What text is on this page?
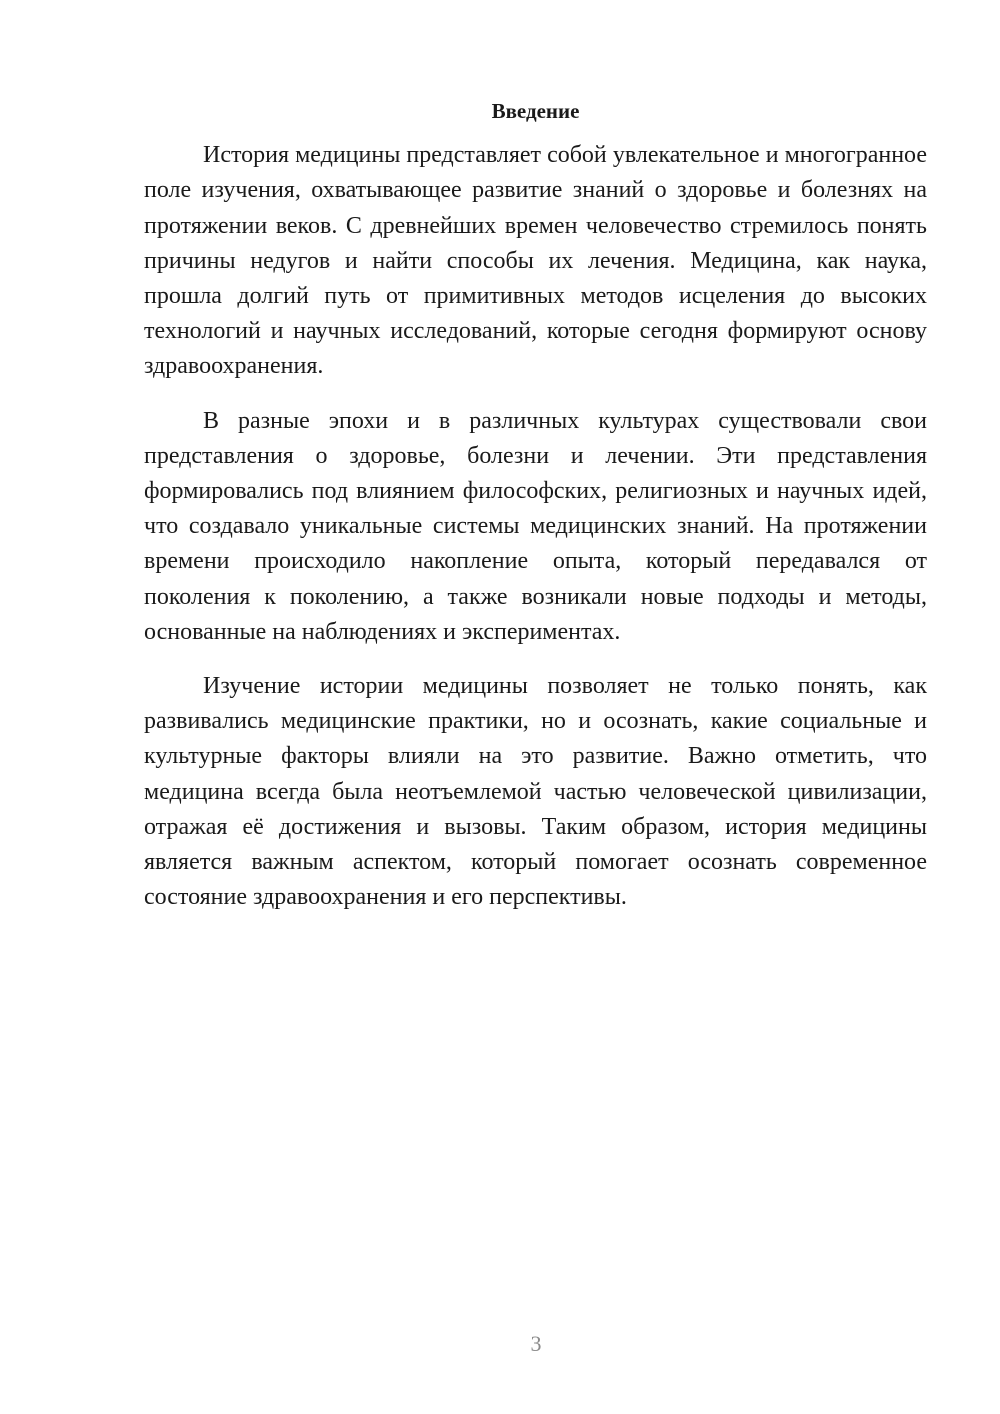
Введение

История медицины представляет собой увлекательное и многогранное поле изучения, охватывающее развитие знаний о здоровье и болезнях на протяжении веков. С древнейших времен человечество стремилось понять причины недугов и найти способы их лечения. Медицина, как наука, прошла долгий путь от примитивных методов исцеления до высоких технологий и научных исследований, которые сегодня формируют основу здравоохранения.

В разные эпохи и в различных культурах существовали свои представления о здоровье, болезни и лечении. Эти представления формировались под влиянием философских, религиозных и научных идей, что создавало уникальные системы медицинских знаний. На протяжении времени происходило накопление опыта, который передавался от поколения к поколению, а также возникали новые подходы и методы, основанные на наблюдениях и экспериментах.

Изучение истории медицины позволяет не только понять, как развивались медицинские практики, но и осознать, какие социальные и культурные факторы влияли на это развитие. Важно отметить, что медицина всегда была неотъемлемой частью человеческой цивилизации, отражая её достижения и вызовы. Таким образом, история медицины является важным аспектом, который помогает осознать современное состояние здравоохранения и его перспективы.

3
